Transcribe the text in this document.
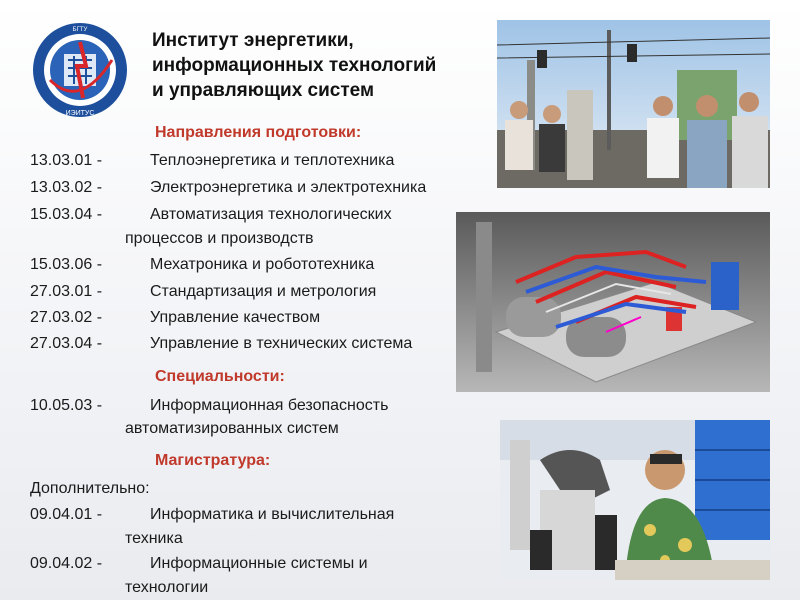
БГТУ
ИЭИТУС
Институт энергетики,
информационных технологий
и управляющих систем
Направления подготовки:
13.03.01 -	Теплоэнергетика и теплотехника
13.03.02 -	Электроэнергетика и электротехника
15.03.04 -	Автоматизация технологических
процессов и производств
15.03.06 -	Мехатроника и робототехника
27.03.01 -	Стандартизация и метрология
27.03.02 -	Управление качеством
27.03.04 -	Управление в технических система
Специальности:
10.05.03 -	Информационная безопасность
автоматизированных систем
Магистратура:
Дополнительно:
09.04.01 -	Информатика и вычислительная
техника
09.04.02 -	Информационные системы и
технологии
